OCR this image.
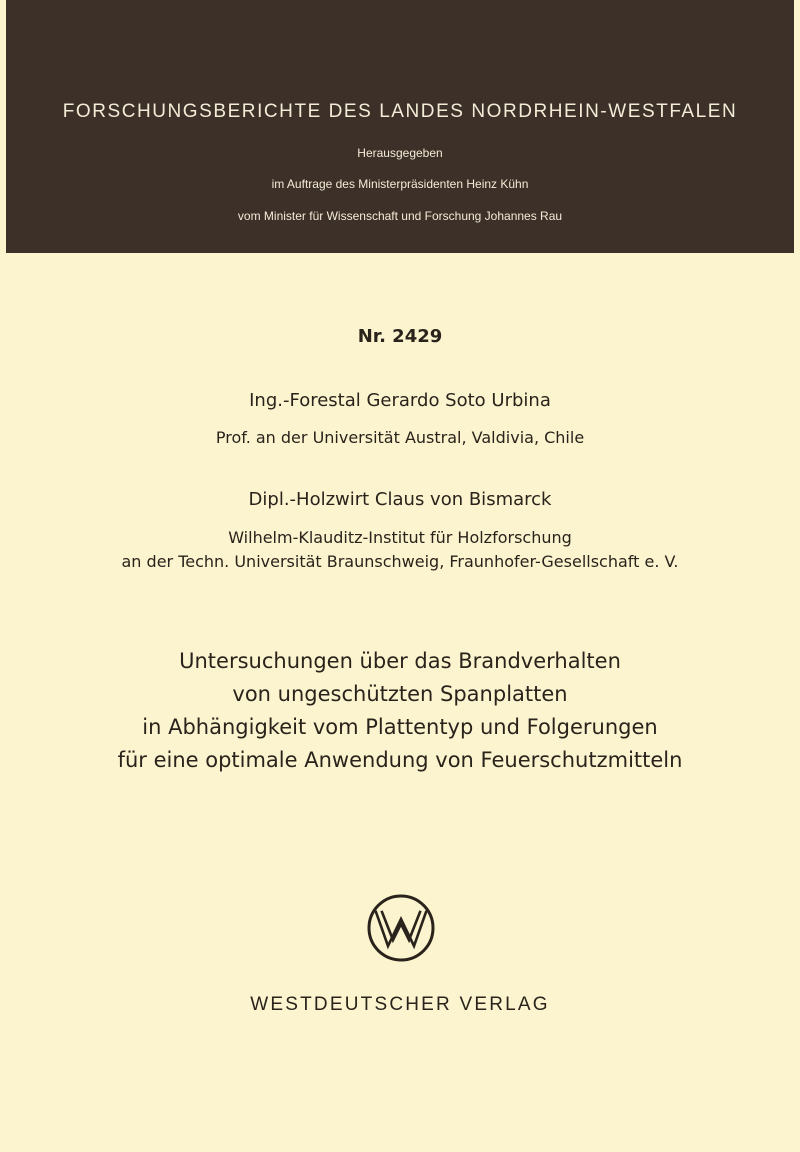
FORSCHUNGSBERICHTE DES LANDES NORDRHEIN-WESTFALEN
Herausgegeben
im Auftrage des Ministerpräsidenten Heinz Kühn
vom Minister für Wissenschaft und Forschung Johannes Rau
Nr. 2429
Ing.-Forestal Gerardo Soto Urbina
Prof. an der Universität Austral, Valdivia, Chile
Dipl.-Holzwirt Claus von Bismarck
Wilhelm-Klauditz-Institut für Holzforschung
an der Techn. Universität Braunschweig, Fraunhofer-Gesellschaft e. V.
Untersuchungen über das Brandverhalten
von ungeschützten Spanplatten
in Abhängigkeit vom Plattentyp und Folgerungen
für eine optimale Anwendung von Feuerschutzmitteln
WESTDEUTSCHER VERLAG
